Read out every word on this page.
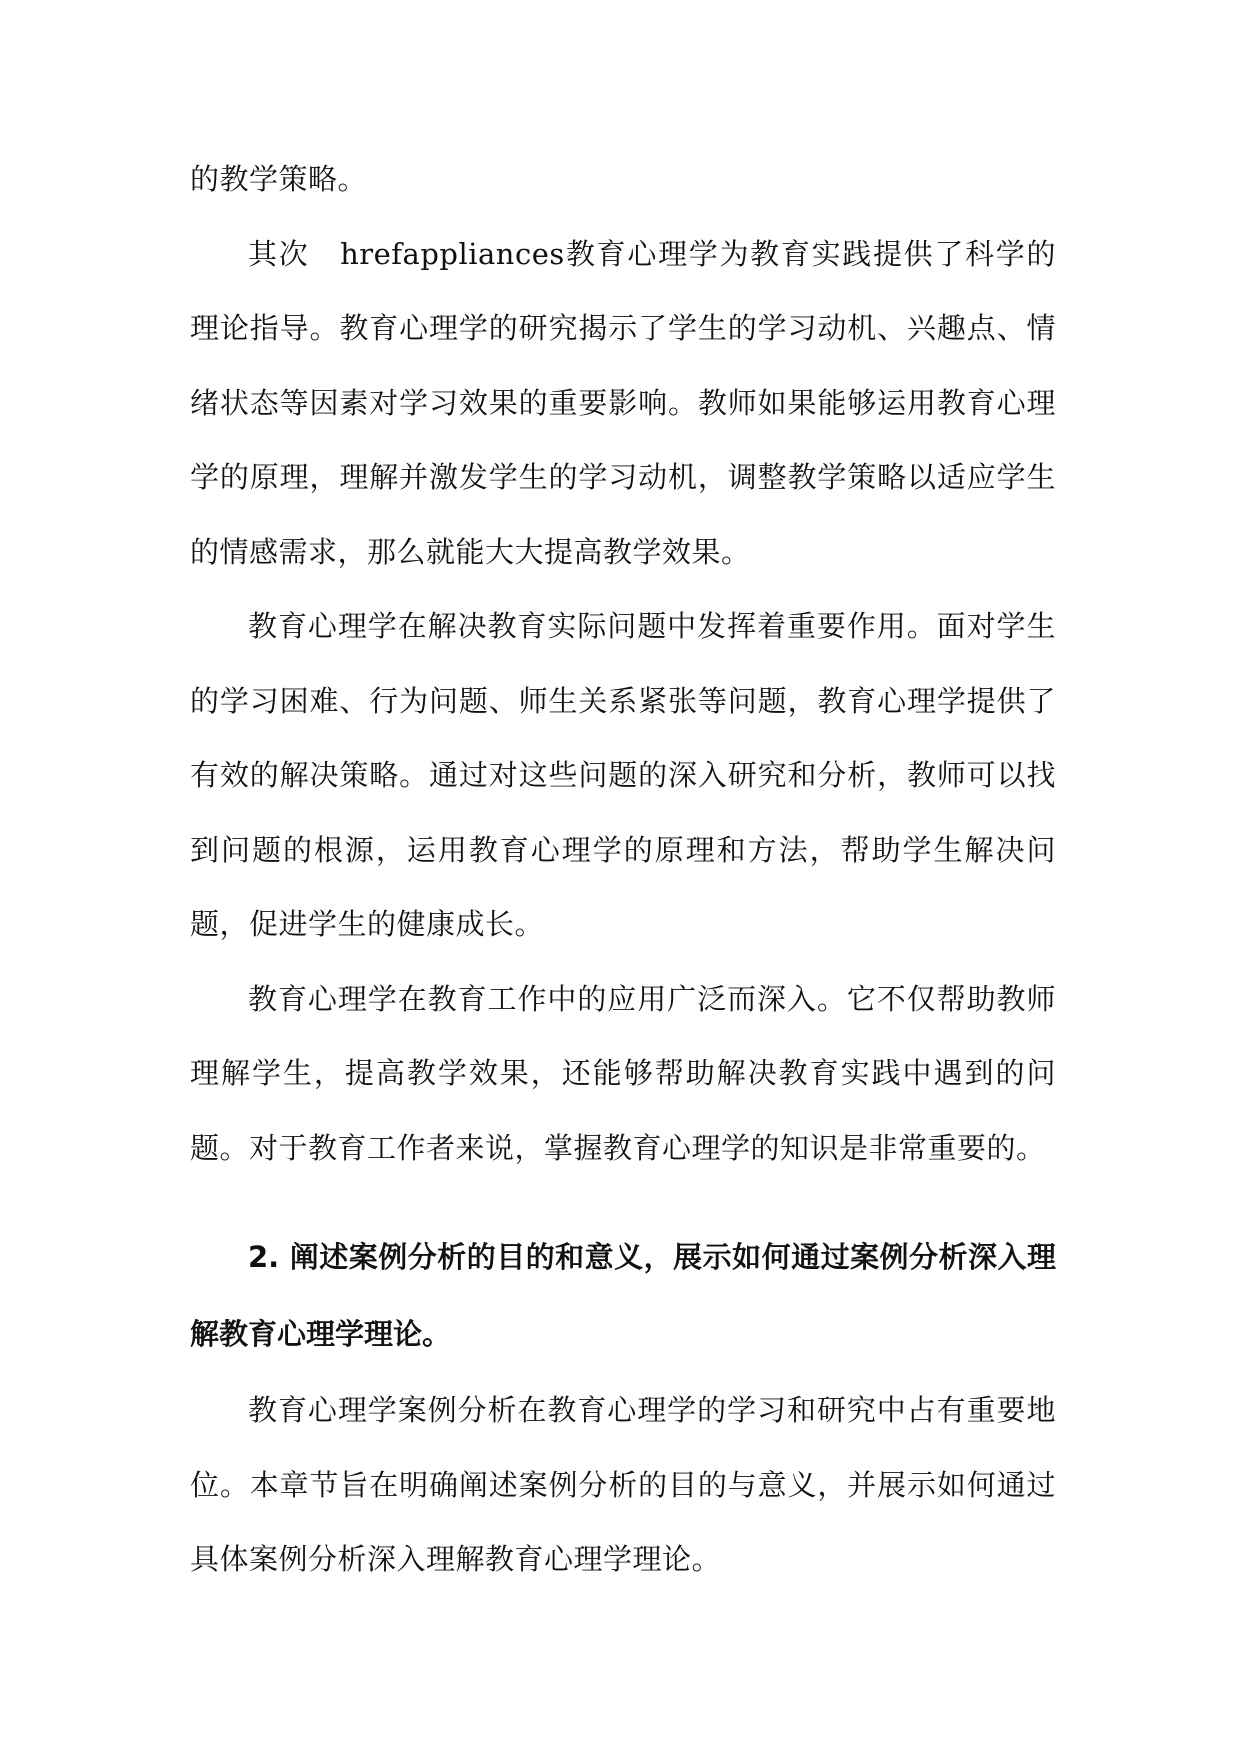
的教学策略。

其次　hrefappliances教育心理学为教育实践提供了科学的理论指导。教育心理学的研究揭示了学生的学习动机、兴趣点、情绪状态等因素对学习效果的重要影响。教师如果能够运用教育心理学的原理，理解并激发学生的学习动机，调整教学策略以适应学生的情感需求，那么就能大大提高教学效果。

教育心理学在解决教育实际问题中发挥着重要作用。面对学生的学习困难、行为问题、师生关系紧张等问题，教育心理学提供了有效的解决策略。通过对这些问题的深入研究和分析，教师可以找到问题的根源，运用教育心理学的原理和方法，帮助学生解决问题，促进学生的健康成长。

教育心理学在教育工作中的应用广泛而深入。它不仅帮助教师理解学生，提高教学效果，还能够帮助解决教育实践中遇到的问题。对于教育工作者来说，掌握教育心理学的知识是非常重要的。

2. 阐述案例分析的目的和意义，展示如何通过案例分析深入理解教育心理学理论。

教育心理学案例分析在教育心理学的学习和研究中占有重要地位。本章节旨在明确阐述案例分析的目的与意义，并展示如何通过具体案例分析深入理解教育心理学理论。
